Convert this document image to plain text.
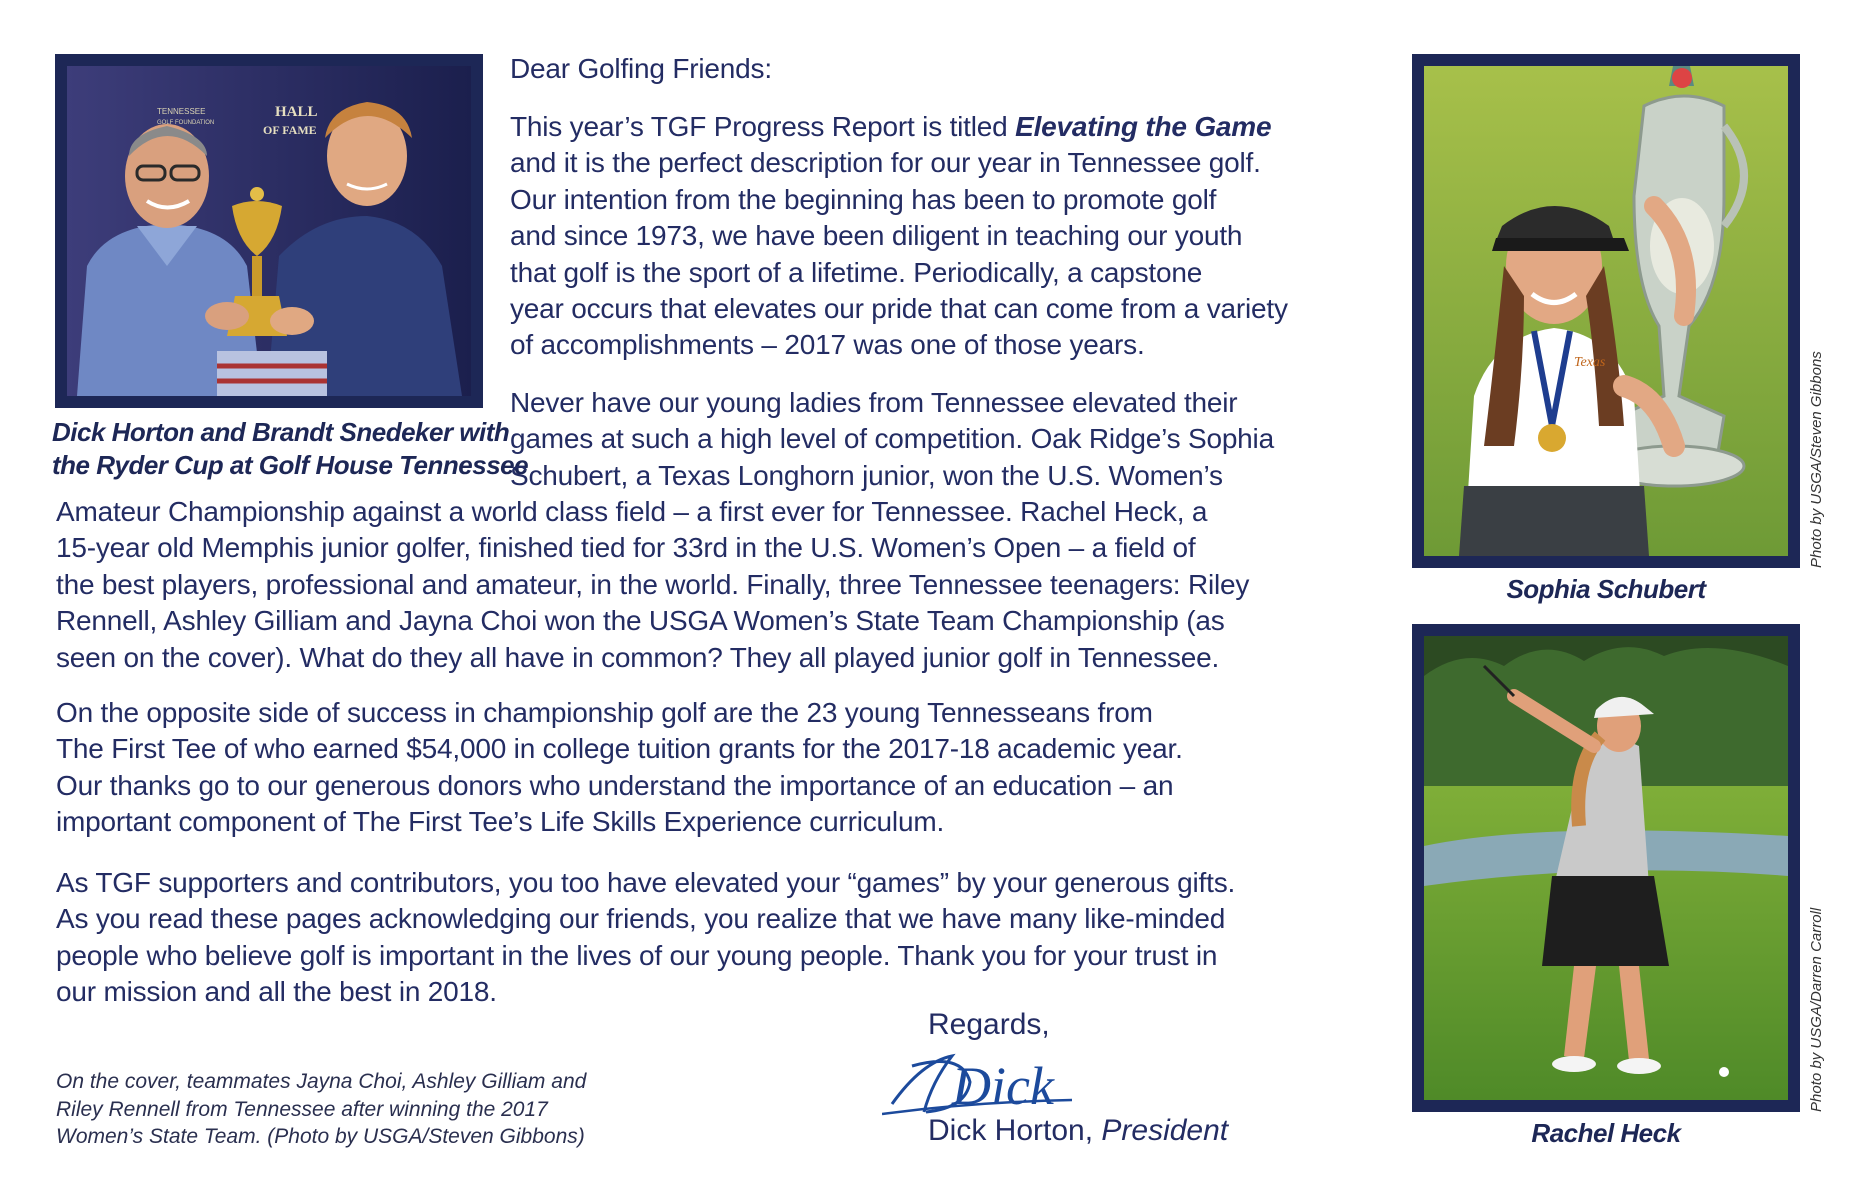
TENNESSEE
GOLF FOUNDATION
HALL
OF FAME
Dick Horton and Brandt Snedeker with
the Ryder Cup at Golf House Tennessee
Texas
Sophia Schubert
Photo by USGA/Steven Gibbons
Rachel Heck
Photo by USGA/Darren Carroll

Dear Golfing Friends:

This year’s TGF Progress Report is titled Elevating the Game
and it is the perfect description for our year in Tennessee golf.
Our intention from the beginning has been to promote golf
and since 1973, we have been diligent in teaching our youth
that golf is the sport of a lifetime. Periodically, a capstone
year occurs that elevates our pride that can come from a variety
of accomplishments – 2017 was one of those years.

Never have our young ladies from Tennessee elevated their
games at such a high level of competition. Oak Ridge’s Sophia
Schubert, a Texas Longhorn junior, won the U.S. Women’s

Amateur Championship against a world class field – a first ever for Tennessee. Rachel Heck, a
15-year old Memphis junior golfer, finished tied for 33rd in the U.S. Women’s Open – a field of
the best players, professional and amateur, in the world. Finally, three Tennessee teenagers: Riley
Rennell, Ashley Gilliam and Jayna Choi won the USGA Women’s State Team Championship (as
seen on the cover). What do they all have in common? They all played junior golf in Tennessee.

On the opposite side of success in championship golf are the 23 young Tennesseans from
The First Tee of who earned $54,000 in college tuition grants for the 2017-18 academic year.
Our thanks go to our generous donors who understand the importance of an education – an
important component of The First Tee’s Life Skills Experience curriculum.

As TGF supporters and contributors, you too have elevated your “games” by your generous gifts.
As you read these pages acknowledging our friends, you realize that we have many like-minded
people who believe golf is important in the lives of our young people. Thank you for your trust in
our mission and all the best in 2018.

On the cover, teammates Jayna Choi, Ashley Gilliam and
Riley Rennell from Tennessee after winning the 2017
Women’s State Team. (Photo by USGA/Steven Gibbons)
Regards,
Dick
Dick Horton, President
